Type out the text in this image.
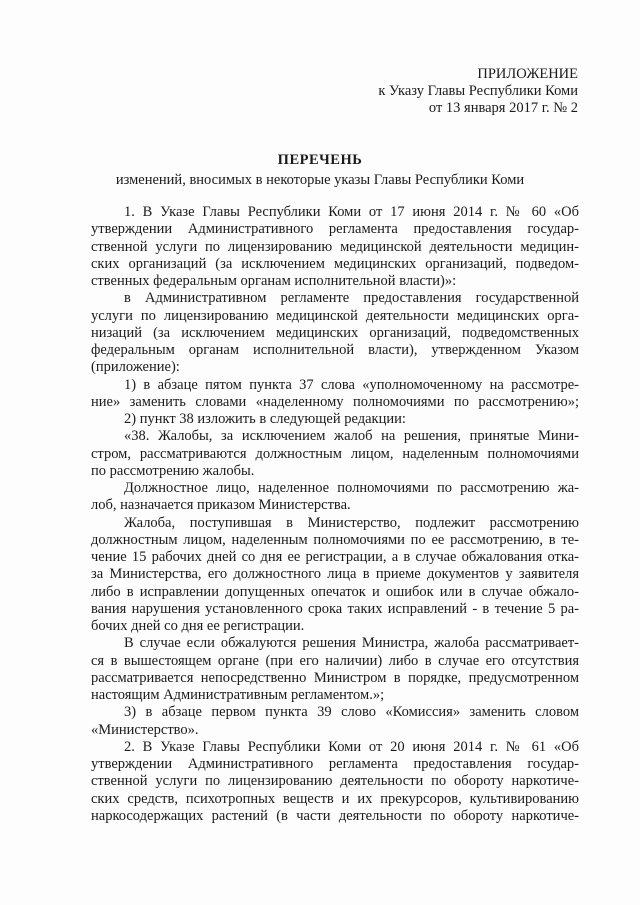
ПРИЛОЖЕНИЕ
к Указу Главы Республики Коми
от 13 января 2017 г. № 2
ПЕРЕЧЕНЬ
изменений, вносимых в некоторые указы Главы Республики Коми
1. В Указе Главы Республики Коми от 17 июня 2014 г. № 60 «Об
утверждении Административного регламента предоставления государ-
ственной услуги по лицензированию медицинской деятельности медицин-
ских организаций (за исключением медицинских организаций, подведом-
ственных федеральным органам исполнительной власти)»:
в Административном регламенте предоставления государственной
услуги по лицензированию медицинской деятельности медицинских орга-
низаций (за исключением медицинских организаций, подведомственных
федеральным органам исполнительной власти), утвержденном Указом
(приложение):
1) в абзаце пятом пункта 37 слова «уполномоченному на рассмотре-
ние» заменить словами «наделенному полномочиями по рассмотрению»;
2) пункт 38 изложить в следующей редакции:
«38. Жалобы, за исключением жалоб на решения, принятые Мини-
стром, рассматриваются должностным лицом, наделенным полномочиями
по рассмотрению жалобы.
Должностное лицо, наделенное полномочиями по рассмотрению жа-
лоб, назначается приказом Министерства.
Жалоба, поступившая в Министерство, подлежит рассмотрению
должностным лицом, наделенным полномочиями по ее рассмотрению, в те-
чение 15 рабочих дней со дня ее регистрации, а в случае обжалования отка-
за Министерства, его должностного лица в приеме документов у заявителя
либо в исправлении допущенных опечаток и ошибок или в случае обжало-
вания нарушения установленного срока таких исправлений - в течение 5 ра-
бочих дней со дня ее регистрации.
В случае если обжалуются решения Министра, жалоба рассматривает-
ся в вышестоящем органе (при его наличии) либо в случае его отсутствия
рассматривается непосредственно Министром в порядке, предусмотренном
настоящим Административным регламентом.»;
3) в абзаце первом пункта 39 слово «Комиссия» заменить словом
«Министерство».
2. В Указе Главы Республики Коми от 20 июня 2014 г. № 61 «Об
утверждении Административного регламента предоставления государ-
ственной услуги по лицензированию деятельности по обороту наркотиче-
ских средств, психотропных веществ и их прекурсоров, культивированию
наркосодержащих растений (в части деятельности по обороту наркотиче-
